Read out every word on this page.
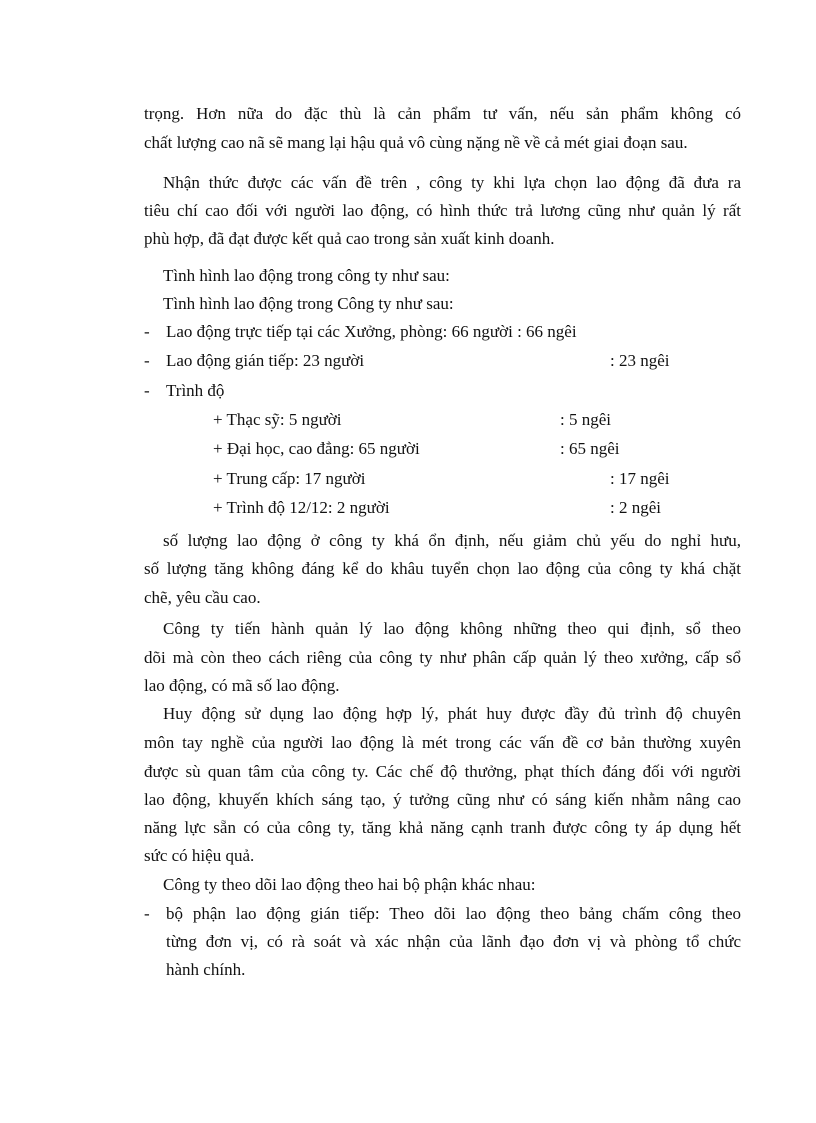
trọng. Hơn nữa do đặc thù là cản phẩm tư vấn, nếu sản phẩm không có
chất lượng cao nã sẽ mang lại hậu quả vô cùng nặng nề về cả mét giai đoạn sau.
Nhận thức được các vấn đề trên , công ty khi lựa chọn lao động đã đưa ra
tiêu chí cao đối với người lao động, có hình thức trả lương cũng như quản lý rất
phù hợp, đã đạt được kết quả cao trong sản xuất kinh doanh.
Tình hình lao động trong công ty như sau:
Tình hình lao động trong Công ty như sau:
- Lao động trực tiếp tại các Xưởng, phòng: 66 người : 66 ngêi
- Lao động gián tiếp: 23 người	: 23 ngêi
- Trình độ
+ Thạc sỹ: 5 người	: 5 ngêi
+ Đại học, cao đẳng: 65 người	: 65 ngêi
+ Trung cấp: 17 người	: 17 ngêi
+ Trình độ 12/12: 2 người	: 2 ngêi
số lượng lao động ở công ty khá ổn định, nếu giảm chủ yếu do nghỉ hưu,
số lượng tăng không đáng kể do khâu tuyển chọn lao động của công ty khá chặt
chẽ, yêu cầu cao.
Công ty tiến hành quản lý lao động không những theo qui định, sổ theo
dõi mà còn theo cách riêng của công ty như phân cấp quản lý theo xưởng, cấp sổ
lao động, có mã số lao động.
Huy động sử dụng lao động hợp lý, phát huy được đầy đủ trình độ chuyên
môn tay nghề của người lao động là mét trong các vấn đề cơ bản thường xuyên
được sù quan tâm của công ty. Các chế độ thưởng, phạt thích đáng đối với người
lao động, khuyến khích sáng tạo, ý tưởng cũng như có sáng kiến nhằm nâng cao
năng lực sẵn có của công ty, tăng khả năng cạnh tranh được công ty áp dụng hết
sức có hiệu quả.
Công ty theo dõi lao động theo hai bộ phận khác nhau:
- bộ phận lao động gián tiếp: Theo dõi lao động theo bảng chấm công theo
từng đơn vị, có rà soát và xác nhận của lãnh đạo đơn vị và phòng tổ chức
hành chính.
